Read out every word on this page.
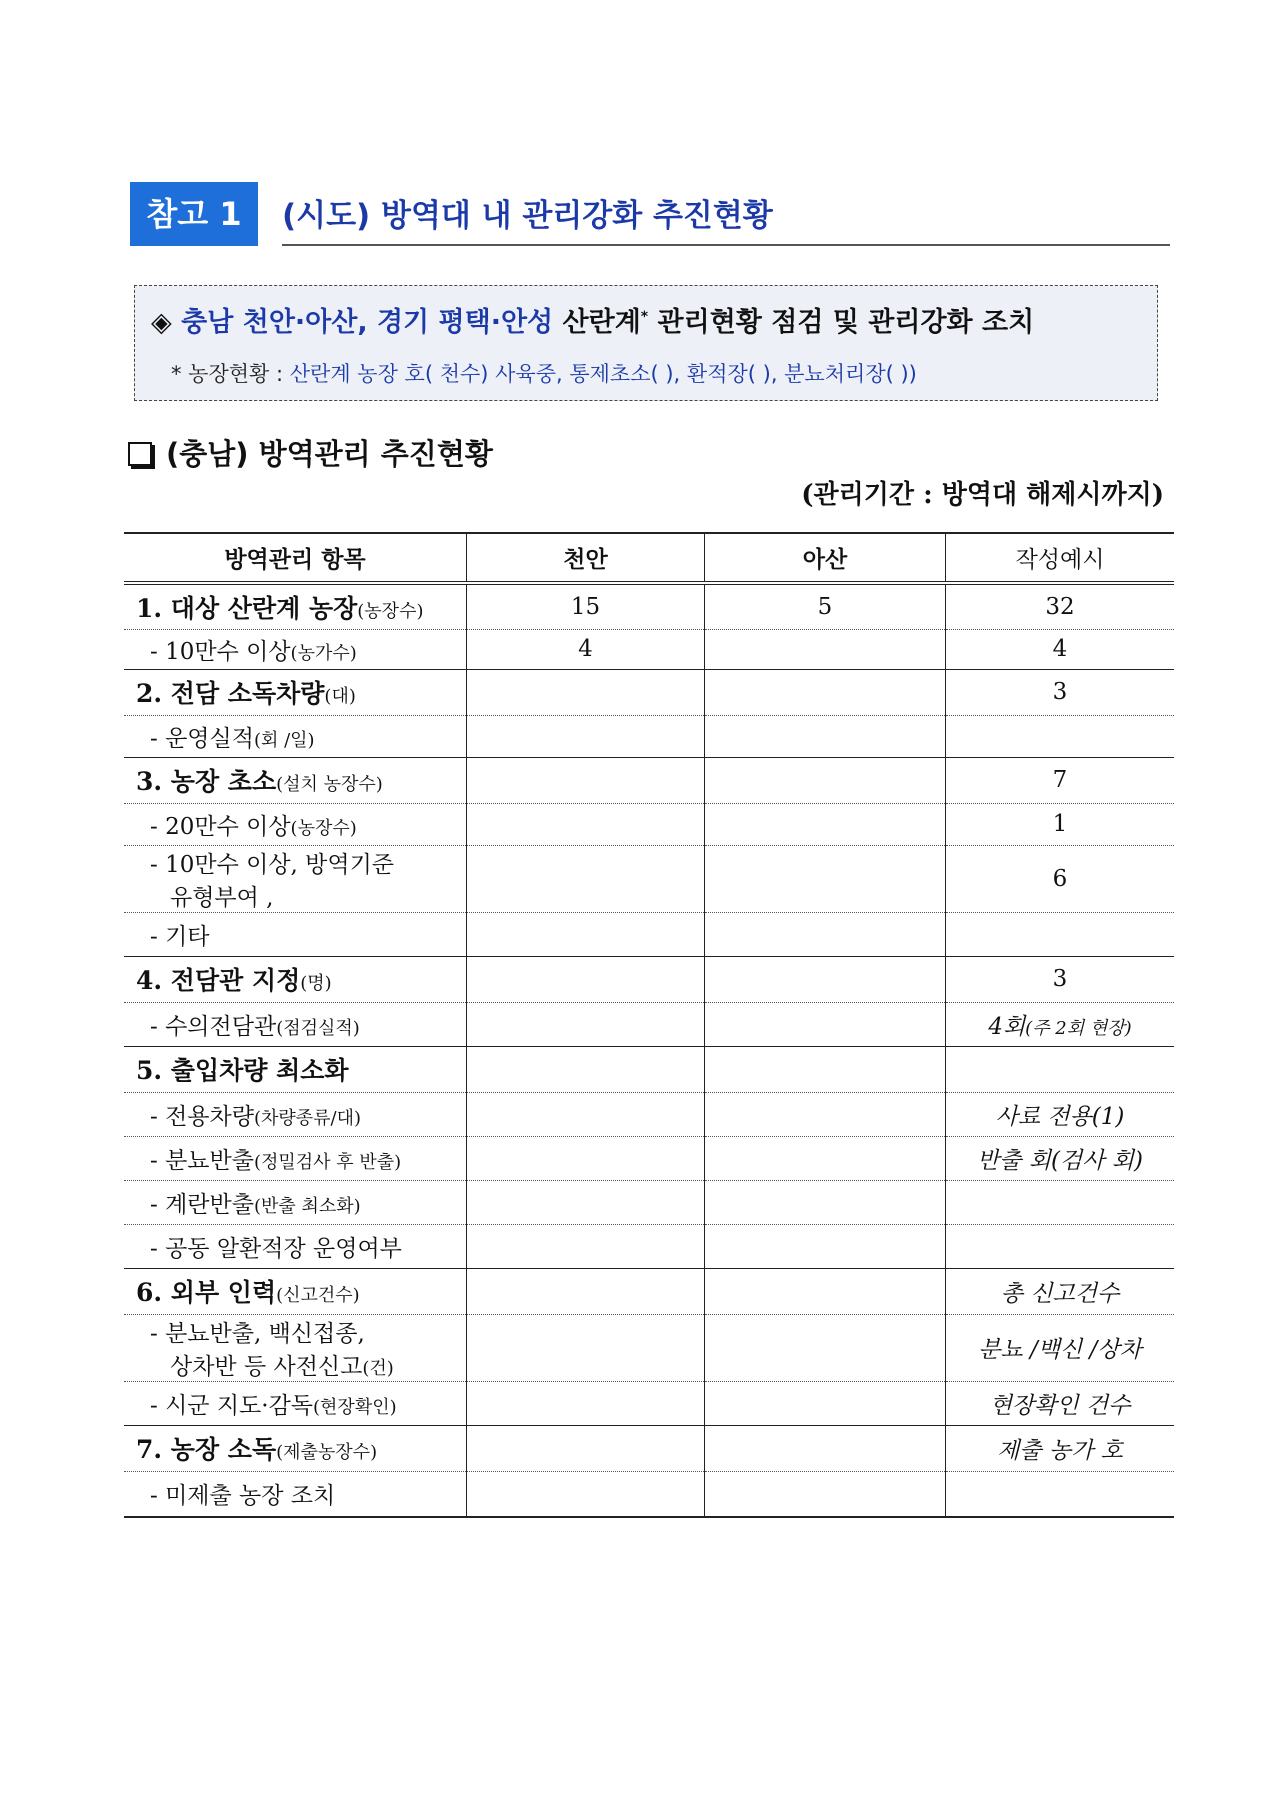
참고 1	(시도) 방역대 내 관리강화 추진현황
◈ 충남 천안·아산, 경기 평택·안성 산란계* 관리현황 점검 및 관리강화 조치
* 농장현황 : 산란계 농장 호( 천수) 사육중, 통제초소( ), 환적장( ), 분뇨처리장( ))
(충남) 방역관리 추진현황
(관리기간 : 방역대 해제시까지)
방역관리 항목	천안	아산	작성예시
1. 대상 산란계 농장(농장수)	15	5	32
- 10만수 이상(농가수)	4		4
2. 전담 소독차량(대)			3
- 운영실적(회 /일)			
3. 농장 초소(설치 농장수)			7
- 20만수 이상(농장수)			1
- 10만수 이상, 방역기준
유형부여 ,			6
- 기타			
4. 전담관 지정(명)			3
- 수의전담관(점검실적)			4회(주 2회 현장)
5. 출입차량 최소화			
- 전용차량(차량종류/대)			사료 전용(1)
- 분뇨반출(정밀검사 후 반출)			반출 회(검사 회)
- 계란반출(반출 최소화)			
- 공동 알환적장 운영여부			
6. 외부 인력(신고건수)			총 신고건수
- 분뇨반출, 백신접종,
상차반 등 사전신고(건)			분뇨 /백신 /상차
- 시군 지도·감독(현장확인)			현장확인 건수
7. 농장 소독(제출농장수)			제출 농가 호
- 미제출 농장 조치			
